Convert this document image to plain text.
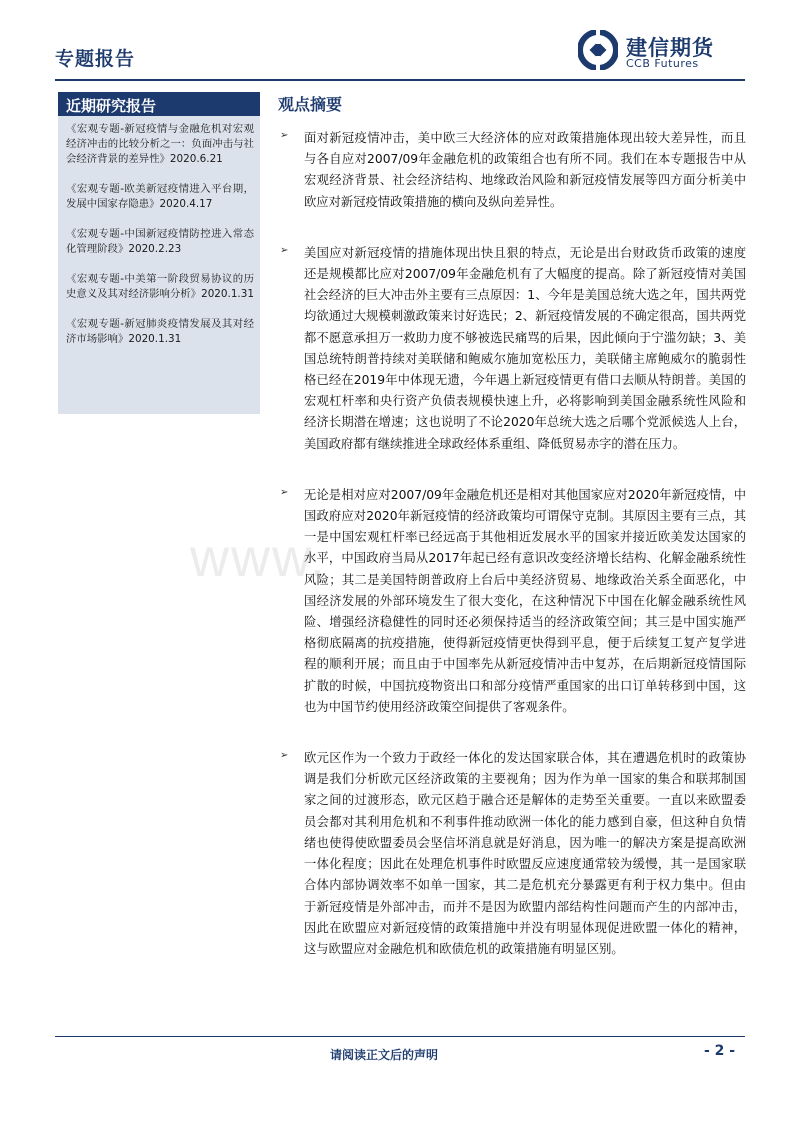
专题报告	建信期货
CCB Futures
近期研究报告
《宏观专题-新冠疫情与金融危机对宏观经济冲击的比较分析之一：负面冲击与社会经济背景的差异性》2020.6.21
《宏观专题-欧美新冠疫情进入平台期，发展中国家存隐患》2020.4.17
《宏观专题-中国新冠疫情防控进入常态化管理阶段》2020.2.23
《宏观专题-中美第一阶段贸易协议的历史意义及其对经济影响分析》2020.1.31
《宏观专题-新冠肺炎疫情发展及其对经济市场影响》2020.1.31
www.
观点摘要
➢ 面对新冠疫情冲击，美中欧三大经济体的应对政策措施体现出较大差异性，而且与各自应对2007/09年金融危机的政策组合也有所不同。我们在本专题报告中从宏观经济背景、社会经济结构、地缘政治风险和新冠疫情发展等四方面分析美中欧应对新冠疫情政策措施的横向及纵向差异性。
➢ 美国应对新冠疫情的措施体现出快且狠的特点，无论是出台财政货币政策的速度还是规模都比应对2007/09年金融危机有了大幅度的提高。除了新冠疫情对美国社会经济的巨大冲击外主要有三点原因：1、今年是美国总统大选之年，国共两党均欲通过大规模刺激政策来讨好选民；2、新冠疫情发展的不确定很高，国共两党都不愿意承担万一救助力度不够被选民痛骂的后果，因此倾向于宁滥勿缺；3、美国总统特朗普持续对美联储和鲍威尔施加宽松压力，美联储主席鲍威尔的脆弱性格已经在2019年中体现无遗，今年遇上新冠疫情更有借口去顺从特朗普。美国的宏观杠杆率和央行资产负债表规模快速上升，必将影响到美国金融系统性风险和经济长期潜在增速；这也说明了不论2020年总统大选之后哪个党派候选人上台，美国政府都有继续推进全球政经体系重组、降低贸易赤字的潜在压力。
➢ 无论是相对应对2007/09年金融危机还是相对其他国家应对2020年新冠疫情，中国政府应对2020年新冠疫情的经济政策均可谓保守克制。其原因主要有三点，其一是中国宏观杠杆率已经远高于其他相近发展水平的国家并接近欧美发达国家的水平，中国政府当局从2017年起已经有意识改变经济增长结构、化解金融系统性风险；其二是美国特朗普政府上台后中美经济贸易、地缘政治关系全面恶化，中国经济发展的外部环境发生了很大变化，在这种情况下中国在化解金融系统性风险、增强经济稳健性的同时还必须保持适当的经济政策空间；其三是中国实施严格彻底隔离的抗疫措施，使得新冠疫情更快得到平息，便于后续复工复产复学进程的顺利开展；而且由于中国率先从新冠疫情冲击中复苏，在后期新冠疫情国际扩散的时候，中国抗疫物资出口和部分疫情严重国家的出口订单转移到中国，这也为中国节约使用经济政策空间提供了客观条件。
➢ 欧元区作为一个致力于政经一体化的发达国家联合体，其在遭遇危机时的政策协调是我们分析欧元区经济政策的主要视角；因为作为单一国家的集合和联邦制国家之间的过渡形态，欧元区趋于融合还是解体的走势至关重要。一直以来欧盟委员会都对其利用危机和不利事件推动欧洲一体化的能力感到自豪，但这种自负情绪也使得使欧盟委员会坚信坏消息就是好消息，因为唯一的解决方案是提高欧洲一体化程度；因此在处理危机事件时欧盟反应速度通常较为缓慢，其一是国家联合体内部协调效率不如单一国家，其二是危机充分暴露更有利于权力集中。但由于新冠疫情是外部冲击，而并不是因为欧盟内部结构性问题而产生的内部冲击，因此在欧盟应对新冠疫情的政策措施中并没有明显体现促进欧盟一体化的精神，这与欧盟应对金融危机和欧债危机的政策措施有明显区别。
请阅读正文后的声明	- 2 -
